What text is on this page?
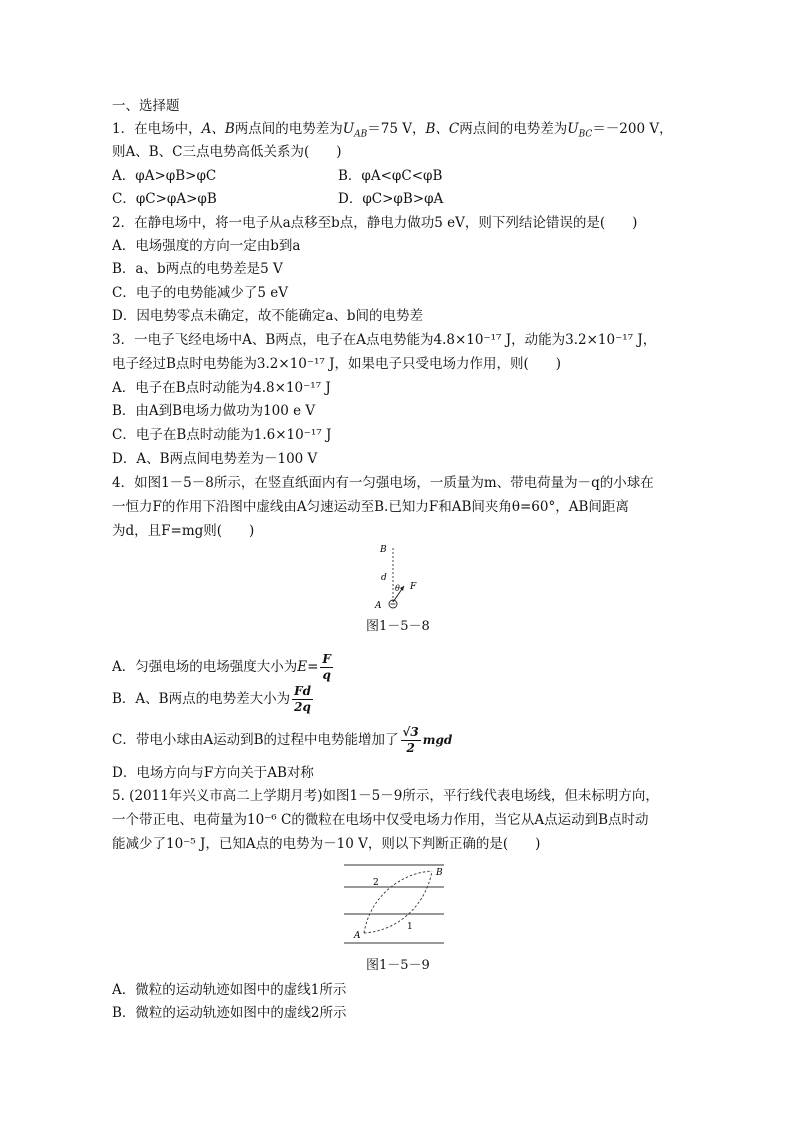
一、选择题
1．在电场中，A、B两点间的电势差为$U_{AB}=75$ V，B、C两点间的电势差为$U_{BC}=-200$ V，
则A、B、C三点电势高低关系为(　　)
A．φA>φB>φC	B．φA<φC<φB
C．φC>φA>φB	D．φC>φB>φA
2．在静电场中，将一电子从a点移至b点，静电力做功5 eV，则下列结论错误的是(　　)
A．电场强度的方向一定由b到a
B．a、b两点的电势差是5 V
C．电子的电势能减少了5 eV
D．因电势零点未确定，故不能确定a、b间的电势差
3．一电子飞经电场中A、B两点，电子在A点电势能为4.8×10⁻¹⁷ J，动能为3.2×10⁻¹⁷ J，
电子经过B点时电势能为3.2×10⁻¹⁷ J，如果电子只受电场力作用，则(　　)
A．电子在B点时动能为4.8×10⁻¹⁷ J
B．由A到B电场力做功为100 e V
C．电子在B点时动能为1.6×10⁻¹⁷ J
D．A、B两点间电势差为－100 V
4．如图1－5－8所示，在竖直纸面内有一匀强电场，一质量为m、带电荷量为－q的小球在
一恒力F的作用下沿图中虚线由A匀速运动至B.已知力F和AB间夹角θ=60°，AB间距离
为d，且F=mg则(　　)
B
d
θ F
A
图1－5－8
A．匀强电场的电场强度大小为$E= \frac{F}{q}$
B．A、B两点的电势差大小为 $\frac{Fd}{2q}$
C．带电小球由A运动到B的过程中电势能增加了 $\frac{√3}{2}$ mgd
D．电场方向与F方向关于AB对称
5. (2011年兴义市高二上学期月考)如图1－5－9所示，平行线代表电场线，但未标明方向，
一个带正电、电荷量为10⁻⁶ C的微粒在电场中仅受电场力作用，当它从A点运动到B点时动
能减少了10⁻⁵ J，已知A点的电势为－10 V，则以下判断正确的是(　　)
A
B
2
1
图1－5－9
A．微粒的运动轨迹如图中的虚线1所示
B．微粒的运动轨迹如图中的虚线2所示
